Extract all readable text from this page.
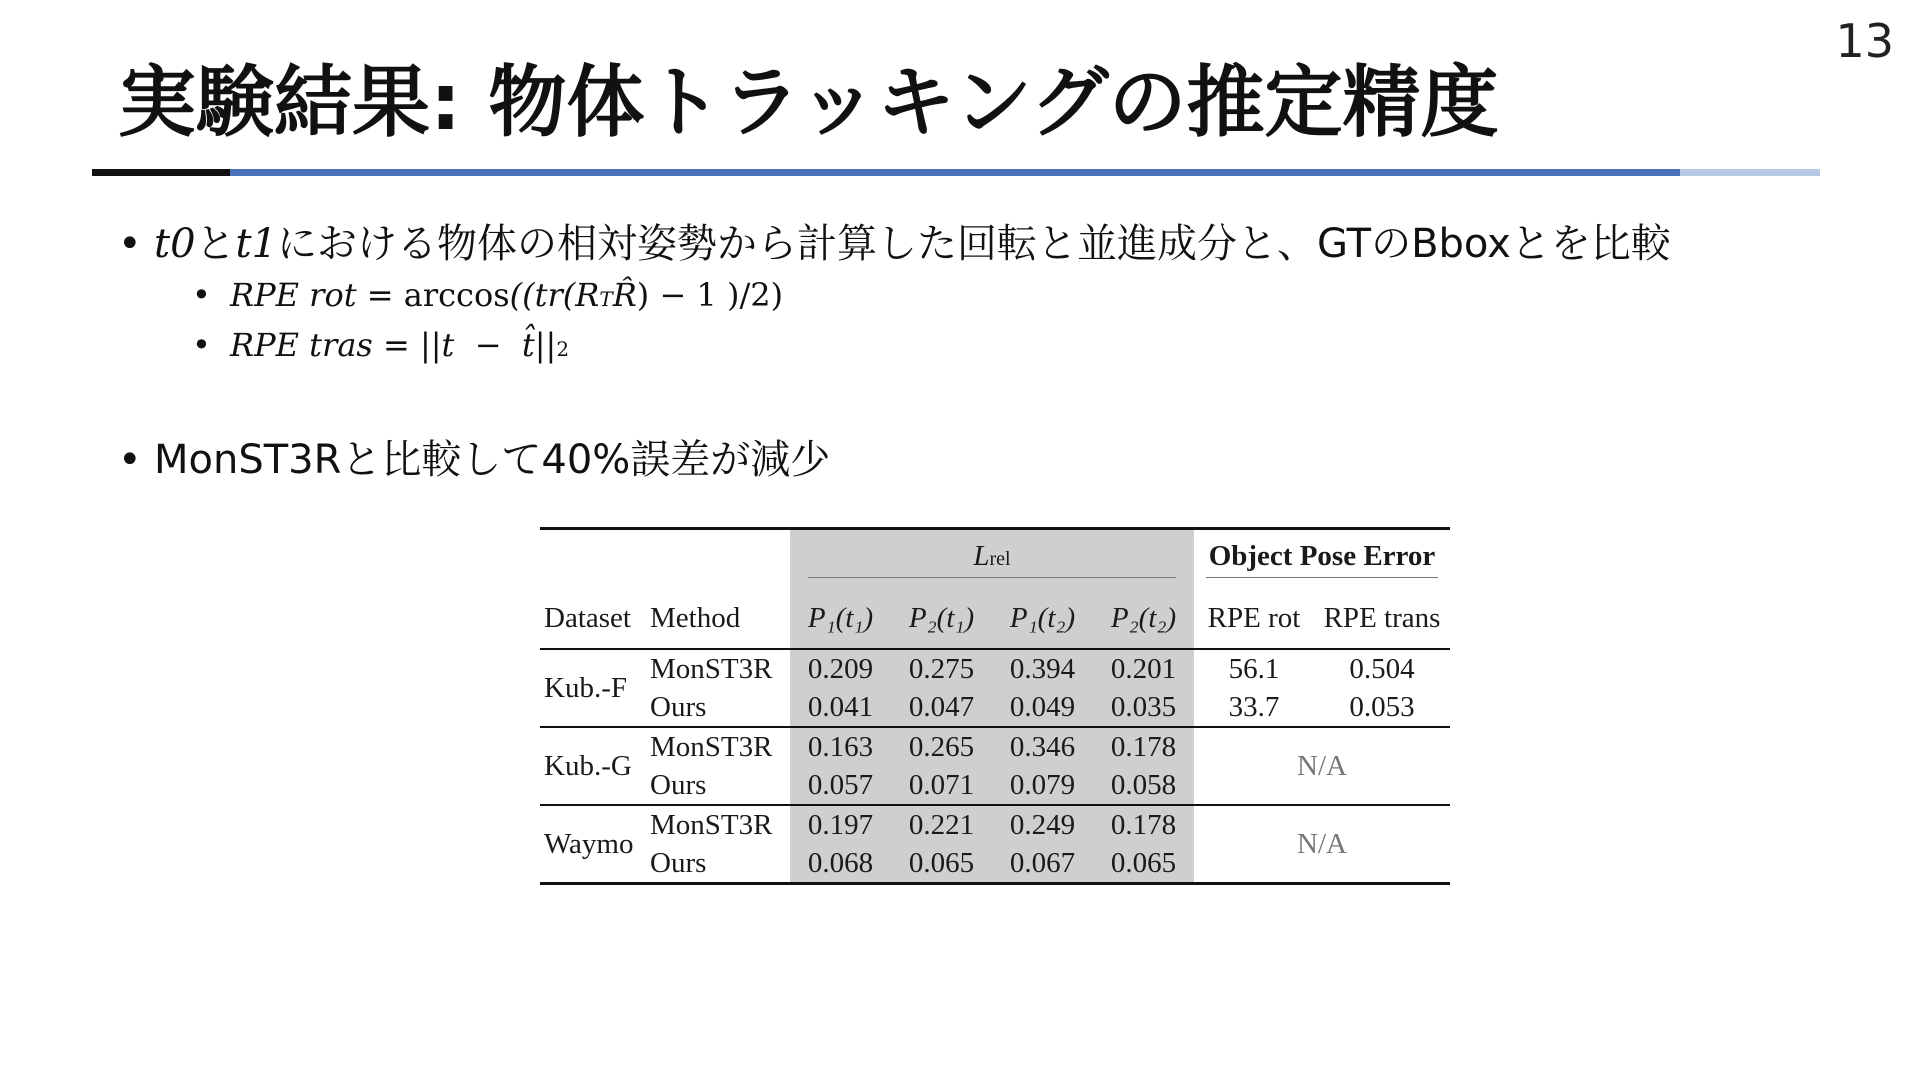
13
実験結果: 物体トラッキングの推定精度
• t0 と t1 における物体の相対姿勢から計算した回転と並進成分と、GTのBboxとを比較
• RPE rot = arccos ((tr(R T R̂ ) − 1 )/2)
• RPE tras = ||t  −  t̂|| 2
• MonST3Rと比較して40%誤差が減少
		Lrel				Object Pose Error	
Dataset	Method	P₁(t₁)	P₂(t₁)	P₁(t₂)	P₂(t₂)	RPE rot	RPE trans
Kub.-F	MonST3R	0.209	0.275	0.394	0.201	56.1	0.504
	Ours	0.041	0.047	0.049	0.035	33.7	0.053
Kub.-G	MonST3R	0.163	0.265	0.346	0.178	N/A	
	Ours	0.057	0.071	0.079	0.058		
Waymo	MonST3R	0.197	0.221	0.249	0.178	N/A	
	Ours	0.068	0.065	0.067	0.065		
